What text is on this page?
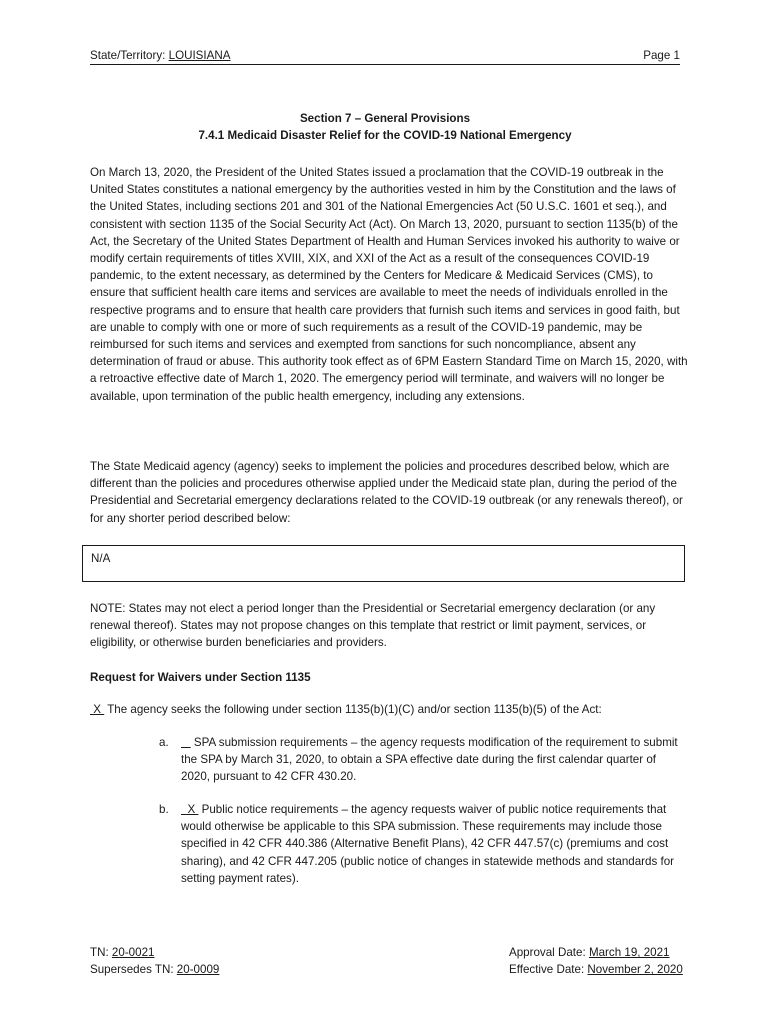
State/Territory: LOUISIANA	Page 1
Section 7 – General Provisions
7.4.1 Medicaid Disaster Relief for the COVID-19 National Emergency

On March 13, 2020, the President of the United States issued a proclamation that the COVID-19 outbreak in the United States constitutes a national emergency by the authorities vested in him by the Constitution and the laws of the United States, including sections 201 and 301 of the National Emergencies Act (50 U.S.C. 1601 et seq.), and consistent with section 1135 of the Social Security Act (Act). On March 13, 2020, pursuant to section 1135(b) of the Act, the Secretary of the United States Department of Health and Human Services invoked his authority to waive or modify certain requirements of titles XVIII, XIX, and XXI of the Act as a result of the consequences COVID-19 pandemic, to the extent necessary, as determined by the Centers for Medicare & Medicaid Services (CMS), to ensure that sufficient health care items and services are available to meet the needs of individuals enrolled in the respective programs and to ensure that health care providers that furnish such items and services in good faith, but are unable to comply with one or more of such requirements as a result of the COVID-19 pandemic, may be reimbursed for such items and services and exempted from sanctions for such noncompliance, absent any determination of fraud or abuse. This authority took effect as of 6PM Eastern Standard Time on March 15, 2020, with a retroactive effective date of March 1, 2020. The emergency period will terminate, and waivers will no longer be available, upon termination of the public health emergency, including any extensions.

The State Medicaid agency (agency) seeks to implement the policies and procedures described below, which are different than the policies and procedures otherwise applied under the Medicaid state plan, during the period of the Presidential and Secretarial emergency declarations related to the COVID-19 outbreak (or any renewals thereof), or for any shorter period described below:

N/A

NOTE: States may not elect a period longer than the Presidential or Secretarial emergency declaration (or any renewal thereof). States may not propose changes on this template that restrict or limit payment, services, or eligibility, or otherwise burden beneficiaries and providers.

Request for Waivers under Section 1135
X  The agency seeks the following under section 1135(b)(1)(C) and/or section 1135(b)(5) of the Act:
a.	SPA submission requirements – the agency requests modification of the requirement to submit the SPA by March 31, 2020, to obtain a SPA effective date during the first calendar quarter of 2020, pursuant to 42 CFR 430.20.
b. X  Public notice requirements – the agency requests waiver of public notice requirements that would otherwise be applicable to this SPA submission. These requirements may include those specified in 42 CFR 440.386 (Alternative Benefit Plans), 42 CFR 447.57(c) (premiums and cost sharing), and 42 CFR 447.205 (public notice of changes in statewide methods and standards for setting payment rates).
TN: 20-0021
Supersedes TN: 20-0009
Approval Date: March 19, 2021
Effective Date: November 2, 2020
